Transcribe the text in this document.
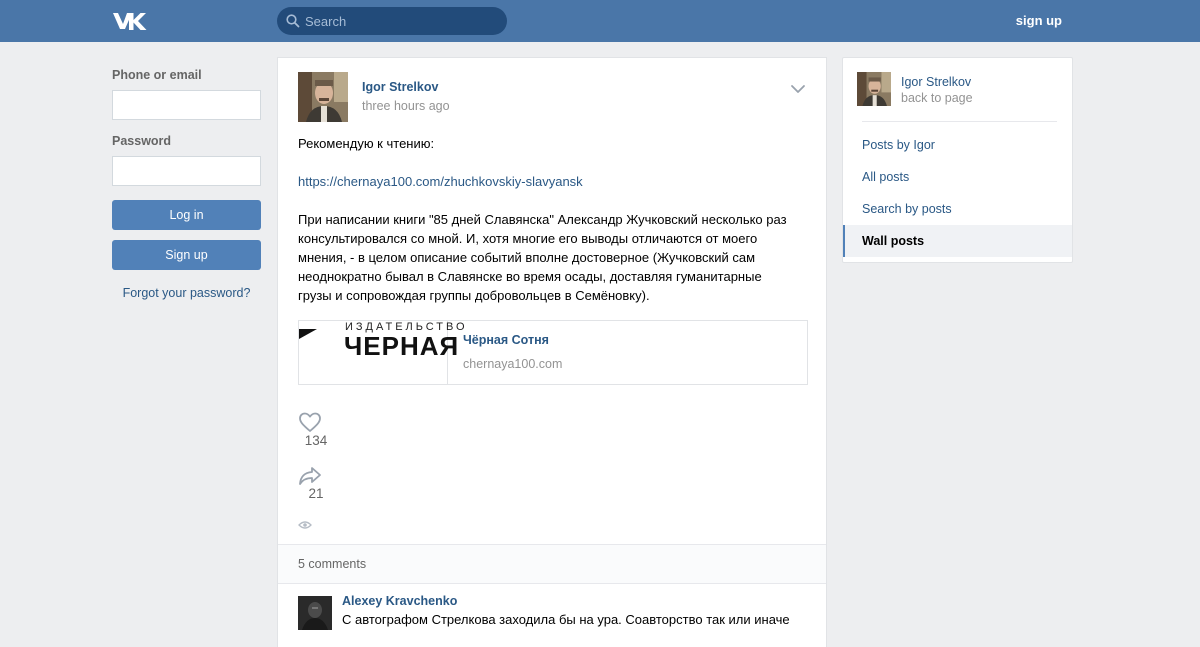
Search
sign up
Phone or email
Password
Log in
Sign up
Forgot your password?
Igor Strelkov
three hours ago

Рекомендую к чтению:

https://chernaya100.com/zhuchkovskiy-slavyansk

При написании книги "85 дней Славянска" Александр Жучковский несколько раз

консультировался со мной. И, хотя многие его выводы отличаются от моего

мнения, - в целом описание событий вполне достоверное (Жучковский сам

неоднократно бывал в Славянске во время осады, доставляя гуманитарные

грузы и сопровождая группы добровольцев в Семёновку).

ИЗДАТЕЛЬСТВО
ЧЕРНАЯ Чёрная Сотня
chernaya100.com
134
21
5 comments
Alexey Kravchenko
С автографом Стрелкова заходила бы на ура. Соавторство так или иначе
Igor Strelkov
back to page
Posts by Igor
All posts
Search by posts
Wall posts
